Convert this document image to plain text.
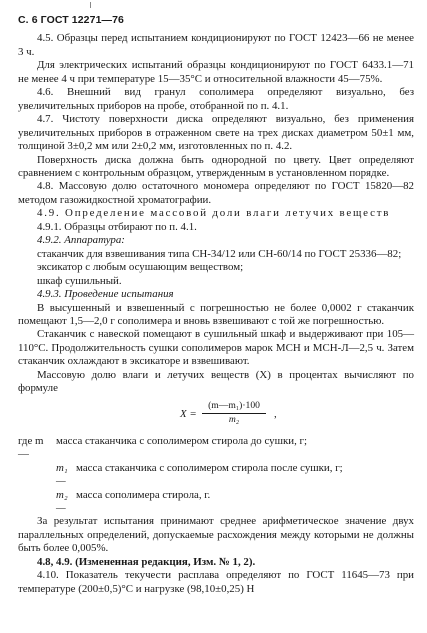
С. 6 ГОСТ 12271—76

4.5. Образцы перед испытанием кондиционируют по ГОСТ 12423—66 не менее 3 ч.

Для электрических испытаний образцы кондиционируют по ГОСТ 6433.1—71 не менее 4 ч при температуре 15—35°С и относительной влажности 45—75%.

4.6. Внешний вид гранул сополимера определяют визуально, без увеличительных приборов на пробе, отобранной по п. 4.1.

4.7. Чистоту поверхности диска определяют визуально, без применения увеличительных приборов в отраженном свете на трех дисках диаметром 50±1 мм, толщиной 3±0,2 мм или 2±0,2 мм, изготовленных по п. 4.2.

Поверхность диска должна быть однородной по цвету. Цвет определяют сравнением с контрольным образцом, утвержденным в установленном порядке.

4.8. Массовую долю остаточного мономера определяют по ГОСТ 15820—82 методом газожидкостной хроматографии.

4.9. Определение массовой доли влаги летучих веществ

4.9.1. Образцы отбирают по п. 4.1.

4.9.2. Аппаратура:

стаканчик для взвешивания типа СН-34/12 или СН-60/14 по ГОСТ 25336—82;

эксикатор с любым осушающим веществом;

шкаф сушильный.

4.9.3. Проведение испытания

В высушенный и взвешенный с погрешностью не более 0,0002 г стаканчик помещают 1,5—2,0 г сополимера и вновь взвешивают с той же погрешностью.

Стаканчик с навеской помещают в сушильный шкаф и выдерживают при 105—110°С. Продолжительность сушки сополимеров марок МСН и МСН-Л—2,5 ч. Затем стаканчик охлаждают в эксикаторе и взвешивают.

Массовую долю влаги и летучих веществ (X) в процентах вычисляют по формуле

$X = \frac{\text{(m—m₁)·100}}{\text{m₂}}$ ,
где m —
масса стаканчика с сополимером стирола до сушки, г;
m₁ —
масса стаканчика с сополимером стирола после сушки, г;
m₂ —
масса сополимера стирола, г.

За результат испытания принимают среднее арифметическое значение двух параллельных определений, допускаемые расхождения между которыми не должны быть более 0,005%.

4.8, 4.9. (Измененная редакция, Изм. № 1, 2).

4.10. Показатель текучести расплава определяют по ГОСТ 11645—73 при температуре (200±0,5)°С и нагрузке (98,10±0,25) Н
